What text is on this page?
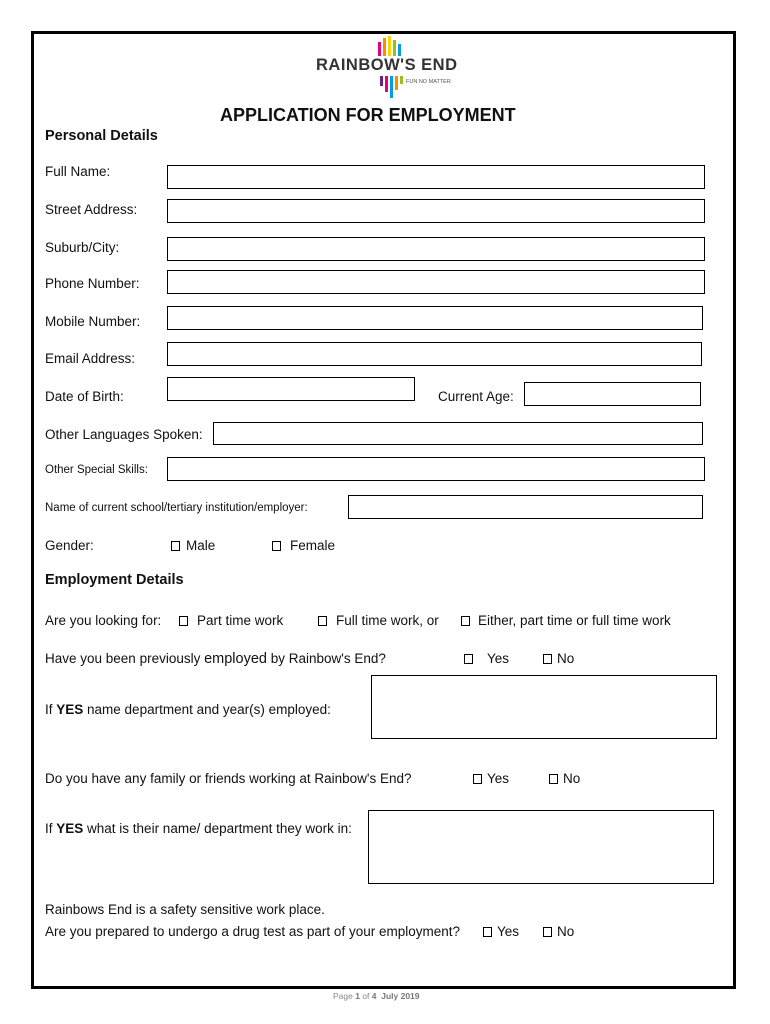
RAINBOW'S END
FUN NO MATTER
APPLICATION FOR EMPLOYMENT
Personal Details
Full Name:
Street Address:
Suburb/City:
Phone Number:
Mobile Number:
Email Address:
Date of Birth:	Current Age:
Other Languages Spoken:
Other Special Skills:
Name of current school/tertiary institution/employer:
Gender:	Male	Female
Employment Details
Are you looking for:	Part time work	Full time work, or	Either, part time or full time work
Have you been previously employed by Rainbow's End?	Yes	No
If YES name department and year(s) employed:
Do you have any family or friends working at Rainbow's End?	Yes	No
If YES what is their name/ department they work in:
Rainbows End is a safety sensitive work place.
Are you prepared to undergo a drug test as part of your employment?	Yes	No
Page 1 of 4  July 2019
